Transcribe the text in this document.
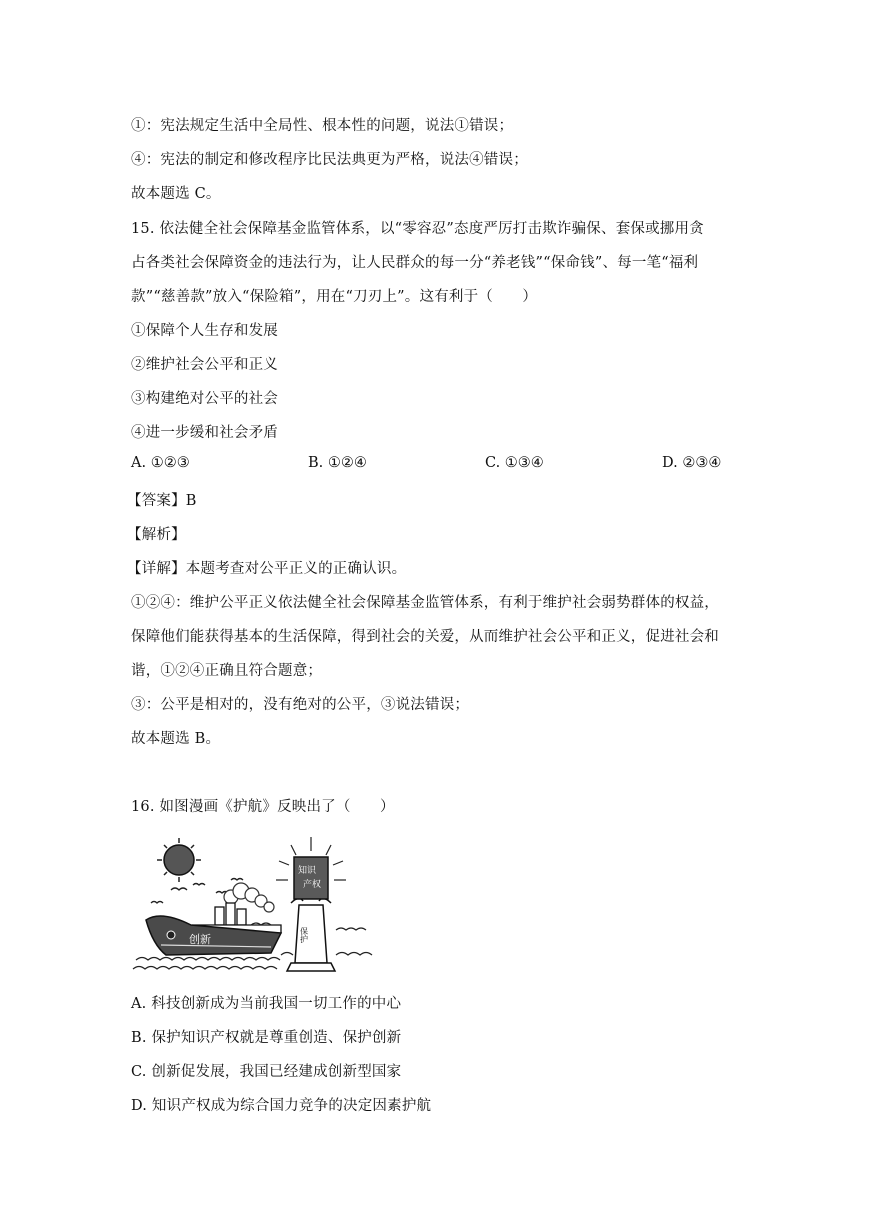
①：宪法规定生活中全局性、根本性的问题，说法①错误；
④：宪法的制定和修改程序比民法典更为严格，说法④错误；
故本题选 C。
15. 依法健全社会保障基金监管体系，以“零容忍”态度严厉打击欺诈骗保、套保或挪用贪
占各类社会保障资金的违法行为，让人民群众的每一分“养老钱”“保命钱”、每一笔“福利
款”“慈善款”放入“保险箱”，用在“刀刃上”。这有利于（　　）
①保障个人生存和发展
②维护社会公平和正义
③构建绝对公平的社会
④进一步缓和社会矛盾
A. ①②③	B. ①②④	C. ①③④	D. ②③④
【答案】B
【解析】
【详解】本题考查对公平正义的正确认识。
①②④：维护公平正义依法健全社会保障基金监管体系，有利于维护社会弱势群体的权益，
保障他们能获得基本的生活保障，得到社会的关爱，从而维护社会公平和正义，促进社会和
谐，①②④正确且符合题意；
③：公平是相对的，没有绝对的公平，③说法错误；
故本题选 B。
16. 如图漫画《护航》反映出了（　　）
创新	保护
知识
产权
A. 科技创新成为当前我国一切工作的中心
B. 保护知识产权就是尊重创造、保护创新
C. 创新促发展，我国已经建成创新型国家
D. 知识产权成为综合国力竞争的决定因素护航
